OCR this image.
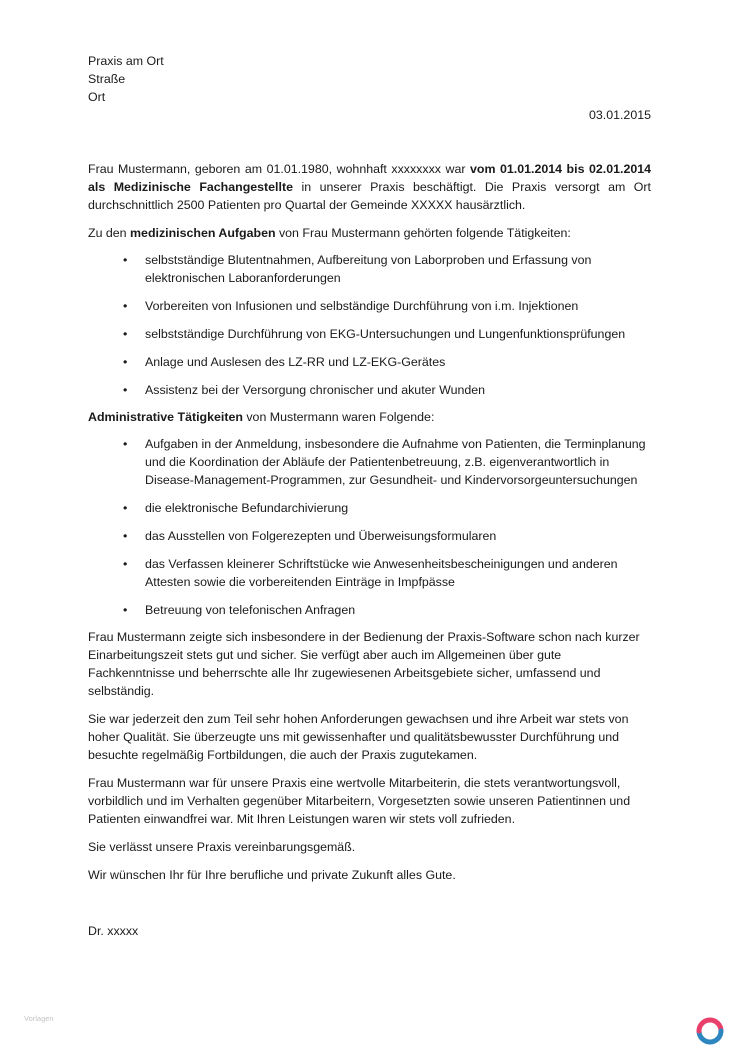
Praxis am Ort
Straße
Ort
03.01.2015

Frau Mustermann, geboren am 01.01.1980, wohnhaft xxxxxxxx war vom 01.01.2014 bis 02.01.2014 als Medizinische Fachangestellte in unserer Praxis beschäftigt. Die Praxis versorgt am Ort durchschnittlich 2500 Patienten pro Quartal der Gemeinde XXXXX hausärztlich.

Zu den medizinischen Aufgaben von Frau Mustermann gehörten folgende Tätigkeiten:

• selbstständige Blutentnahmen, Aufbereitung von Laborproben und Erfassung von elektronischen Laboranforderungen
• Vorbereiten von Infusionen und selbständige Durchführung von i.m. Injektionen
• selbstständige Durchführung von EKG-Untersuchungen und Lungenfunktionsprüfungen
• Anlage und Auslesen des LZ-RR und LZ-EKG-Gerätes
• Assistenz bei der Versorgung chronischer und akuter Wunden

Administrative Tätigkeiten von Mustermann waren Folgende:

• Aufgaben in der Anmeldung, insbesondere die Aufnahme von Patienten, die Terminplanung und die Koordination der Abläufe der Patientenbetreuung, z.B. eigenverantwortlich in Disease-Management-Programmen, zur Gesundheit- und Kindervorsorgeuntersuchungen
• die elektronische Befundarchivierung
• das Ausstellen von Folgerezepten und Überweisungsformularen
• das Verfassen kleinerer Schriftstücke wie Anwesenheitsbescheinigungen und anderen Attesten sowie die vorbereitenden Einträge in Impfpässe
• Betreuung von telefonischen Anfragen

Frau Mustermann zeigte sich insbesondere in der Bedienung der Praxis-Software schon nach kurzer Einarbeitungszeit stets gut und sicher. Sie verfügt aber auch im Allgemeinen über gute Fachkenntnisse und beherrschte alle Ihr zugewiesenen Arbeitsgebiete sicher, umfassend und selbständig.

Sie war jederzeit den zum Teil sehr hohen Anforderungen gewachsen und ihre Arbeit war stets von hoher Qualität. Sie überzeugte uns mit gewissenhafter und qualitätsbewusster Durchführung und besuchte regelmäßig Fortbildungen, die auch der Praxis zugutekamen.

Frau Mustermann war für unsere Praxis eine wertvolle Mitarbeiterin, die stets verantwortungsvoll, vorbildlich und im Verhalten gegenüber Mitarbeitern, Vorgesetzten sowie unseren Patientinnen und Patienten einwandfrei war. Mit Ihren Leistungen waren wir stets voll zufrieden.

Sie verlässt unsere Praxis vereinbarungsgemäß.

Wir wünschen Ihr für Ihre berufliche und private Zukunft alles Gute.

Dr. xxxxx

Vorlagen
